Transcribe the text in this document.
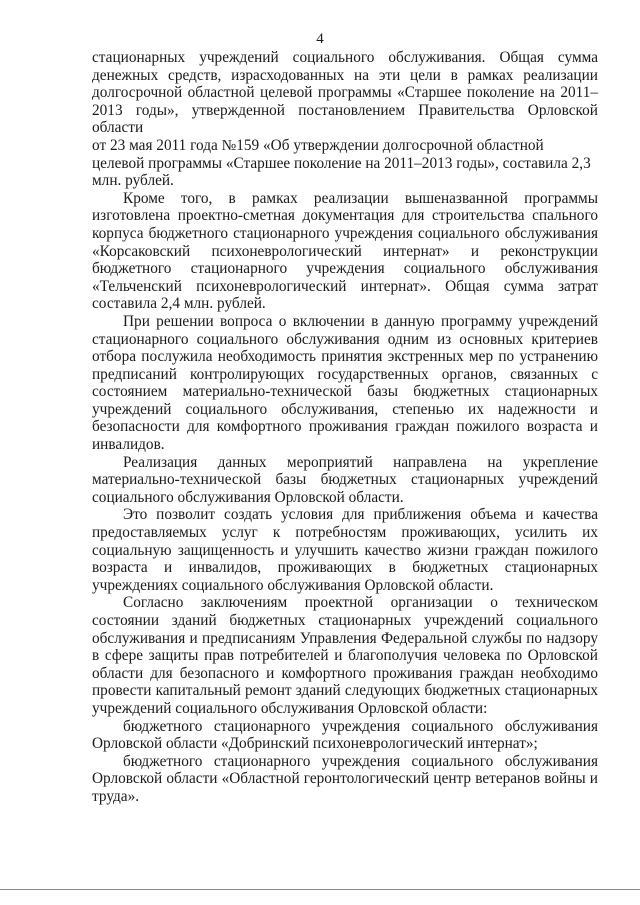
4

стационарных учреждений социального обслуживания. Общая сумма денежных средств, израсходованных на эти цели в рамках реализации долгосрочной областной целевой программы «Старшее поколение на 2011–2013 годы», утвержденной постановлением Правительства Орловской области

от 23 мая 2011 года №159 «Об утверждении долгосрочной областной целевой программы «Старшее поколение на 2011–2013 годы», составила 2,3 млн. рублей.

Кроме того, в рамках реализации вышеназванной программы изготовлена проектно-сметная документация для строительства спального корпуса бюджетного стационарного учреждения социального обслуживания «Корсаковский психоневрологический интернат» и реконструкции бюджетного стационарного учреждения социального обслуживания «Тельченский психоневрологический интернат». Общая сумма затрат составила 2,4 млн. рублей.

При решении вопроса о включении в данную программу учреждений стационарного социального обслуживания одним из основных критериев отбора послужила необходимость принятия экстренных мер по устранению предписаний контролирующих государственных органов, связанных с состоянием материально-технической базы бюджетных стационарных учреждений социального обслуживания, степенью их надежности и безопасности для комфортного проживания граждан пожилого возраста и инвалидов.

Реализация данных мероприятий направлена на укрепление материально-технической базы бюджетных стационарных учреждений социального обслуживания Орловской области.

Это позволит создать условия для приближения объема и качества предоставляемых услуг к потребностям проживающих, усилить их социальную защищенность и улучшить качество жизни граждан пожилого возраста и инвалидов, проживающих в бюджетных стационарных учреждениях социального обслуживания Орловской области.

Согласно заключениям проектной организации о техническом состоянии зданий бюджетных стационарных учреждений социального обслуживания и предписаниям Управления Федеральной службы по надзору в сфере защиты прав потребителей и благополучия человека по Орловской области для безопасного и комфортного проживания граждан необходимо провести капитальный ремонт зданий следующих бюджетных стационарных учреждений социального обслуживания Орловской области:

бюджетного стационарного учреждения социального обслуживания Орловской области «Добринский психоневрологический интернат»;

бюджетного стационарного учреждения социального обслуживания Орловской области «Областной геронтологический центр ветеранов войны и труда».
